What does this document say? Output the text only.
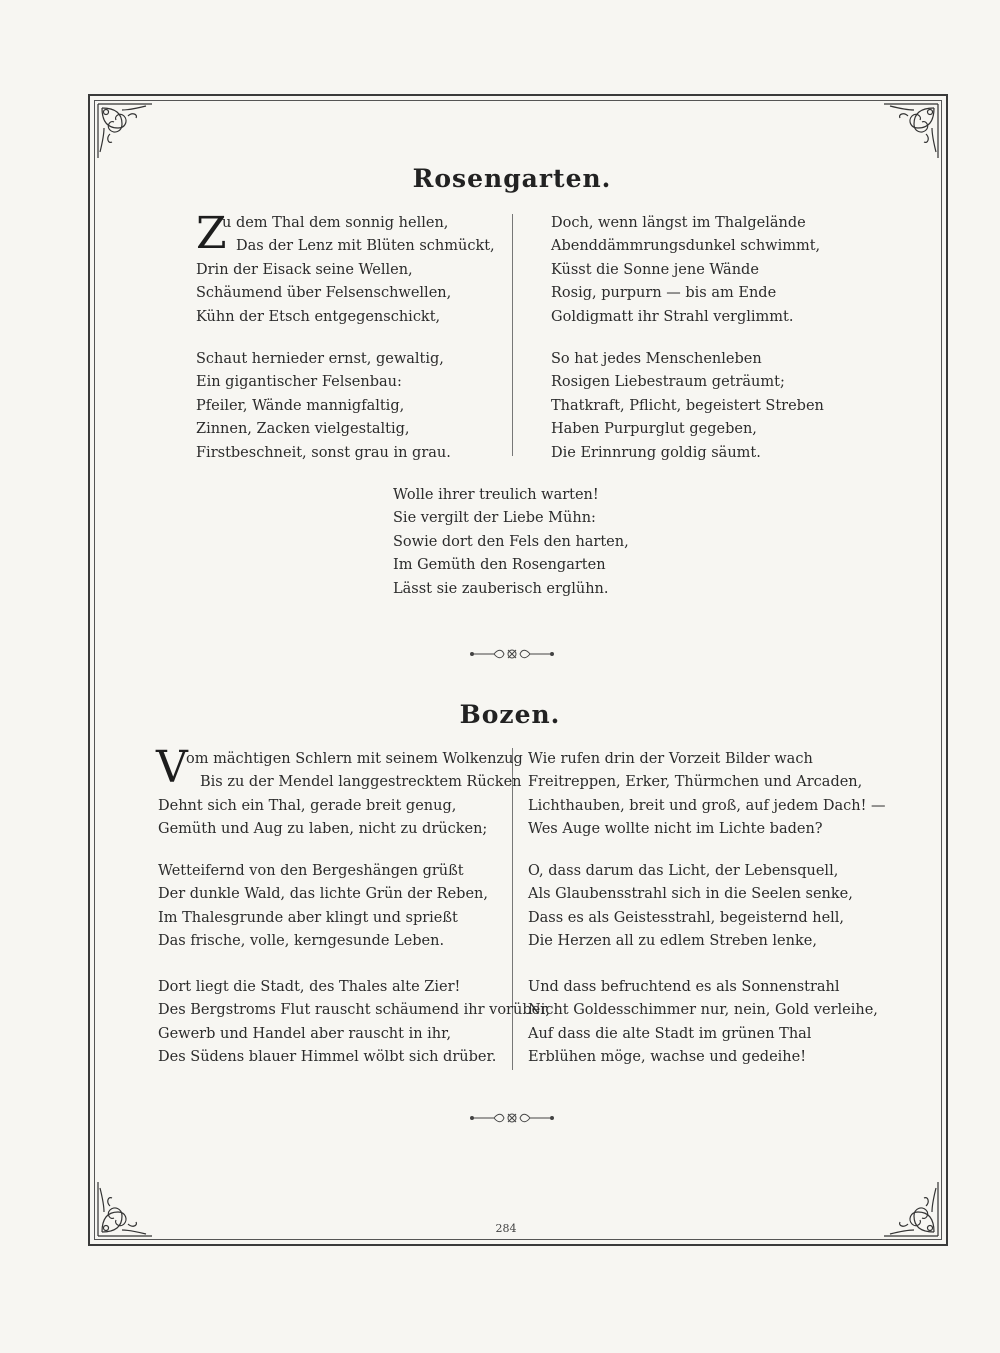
Rosengarten.
Z
u dem Thal dem sonnig hellen,
Das der Lenz mit Blüten schmückt,
Drin der Eisack seine Wellen,
Schäumend über Felsenschwellen,
Kühn der Etsch entgegenschickt,
Schaut hernieder ernst, gewaltig,
Ein gigantischer Felsenbau:
Pfeiler, Wände mannigfaltig,
Zinnen, Zacken vielgestaltig,
Firstbeschneit, sonst grau in grau.
Doch, wenn längst im Thalgelände
Abenddämmrungsdunkel schwimmt,
Küsst die Sonne jene Wände
Rosig, purpurn — bis am Ende
Goldigmatt ihr Strahl verglimmt.
So hat jedes Menschenleben
Rosigen Liebestraum geträumt;
Thatkraft, Pflicht, begeistert Streben
Haben Purpurglut gegeben,
Die Erinnrung goldig säumt.
Wolle ihrer treulich warten!
Sie vergilt der Liebe Mühn:
Sowie dort den Fels den harten,
Im Gemüth den Rosengarten
Lässt sie zauberisch erglühn.
Bozen.
V
om mächtigen Schlern mit seinem Wolkenzug
Bis zu der Mendel langgestrecktem Rücken
Dehnt sich ein Thal, gerade breit genug,
Gemüth und Aug zu laben, nicht zu drücken;
Wetteifernd von den Bergeshängen grüßt
Der dunkle Wald, das lichte Grün der Reben,
Im Thalesgrunde aber klingt und sprießt
Das frische, volle, kerngesunde Leben.
Dort liegt die Stadt, des Thales alte Zier!
Des Bergstroms Flut rauscht schäumend ihr vorüber,
Gewerb und Handel aber rauscht in ihr,
Des Südens blauer Himmel wölbt sich drüber.
Wie rufen drin der Vorzeit Bilder wach
Freitreppen, Erker, Thürmchen und Arcaden,
Lichthauben, breit und groß, auf jedem Dach! —
Wes Auge wollte nicht im Lichte baden?
O, dass darum das Licht, der Lebensquell,
Als Glaubensstrahl sich in die Seelen senke,
Dass es als Geistesstrahl, begeisternd hell,
Die Herzen all zu edlem Streben lenke,
Und dass befruchtend es als Sonnenstrahl
Nicht Goldesschimmer nur, nein, Gold verleihe,
Auf dass die alte Stadt im grünen Thal
Erblühen möge, wachse und gedeihe!
284
